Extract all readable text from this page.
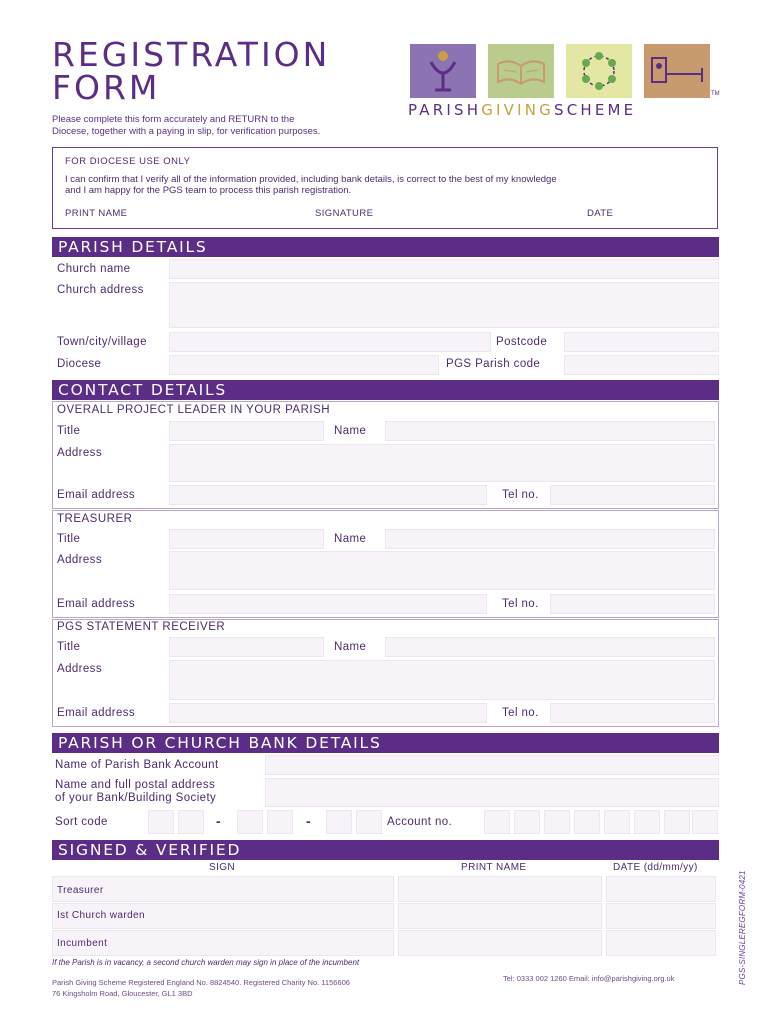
REGISTRATION
FORM
Please complete this form accurately and RETURN to the
Diocese, together with a paying in slip, for verification purposes.
PARISHGIVINGSCHEME
TM
FOR DIOCESE USE ONLY
I can confirm that I verify all of the information provided, including bank details, is correct to the best of my knowledge
and I am happy for the PGS team to process this parish registration.
PRINT NAME	SIGNATURE	DATE
PARISH DETAILS
Church name
Church address
Town/city/village	Postcode
Diocese	PGS Parish code
CONTACT DETAILS
OVERALL PROJECT LEADER IN YOUR PARISH
Title	Name
Address
Email address	Tel no.
TREASURER
Title	Name
Address
Email address	Tel no.
PGS STATEMENT RECEIVER
Title	Name
Address
Email address	Tel no.
PARISH OR CHURCH BANK DETAILS
Name of Parish Bank Account
Name and full postal address
of your Bank/Building Society
Sort code	-	-	Account no.
SIGNED & VERIFIED
SIGN	PRINT NAME	DATE (dd/mm/yy)
Treasurer
Ist Church warden
Incumbent
If the Parish is in vacancy, a second church warden may sign in place of the incumbent
Parish Giving Scheme Registered England No. 8824540. Registered Charity No. 1156606
76 Kingsholm Road, Gloucester, GL1 3BD
Tel: 0333 002 1260 Email: info@parishgiving.org.uk	PGS-SINGLEREGFORM-0421
